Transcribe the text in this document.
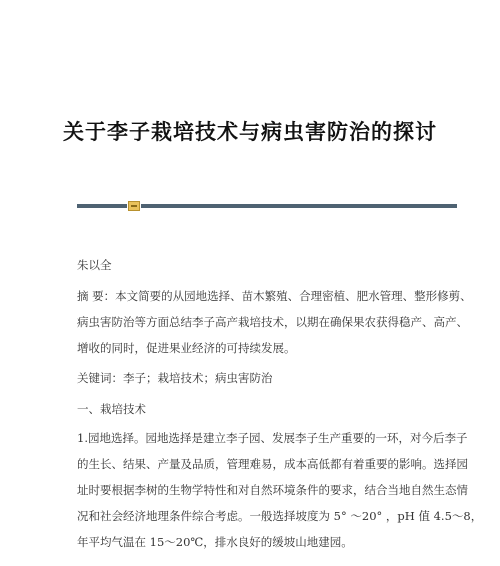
关于李子栽培技术与病虫害防治的探讨
朱以全
摘 要：本文简要的从园地选择、苗木繁殖、合理密植、肥水管理、整形修剪、
病虫害防治等方面总结李子高产栽培技术，以期在确保果农获得稳产、高产、
增收的同时，促进果业经济的可持续发展。
关键词：李子；栽培技术；病虫害防治
一、栽培技术
1.园地选择。园地选择是建立李子园、发展李子生产重要的一环，对今后李子
的生长、结果、产量及品质，管理难易，成本高低都有着重要的影响。选择园
址时要根据李树的生物学特性和对自然环境条件的要求，结合当地自然生态情
况和社会经济地理条件综合考虑。一般选择坡度为 5° ～20° ，pH 值 4.5～8，
年平均气温在 15～20℃，排水良好的缓坡山地建园。
